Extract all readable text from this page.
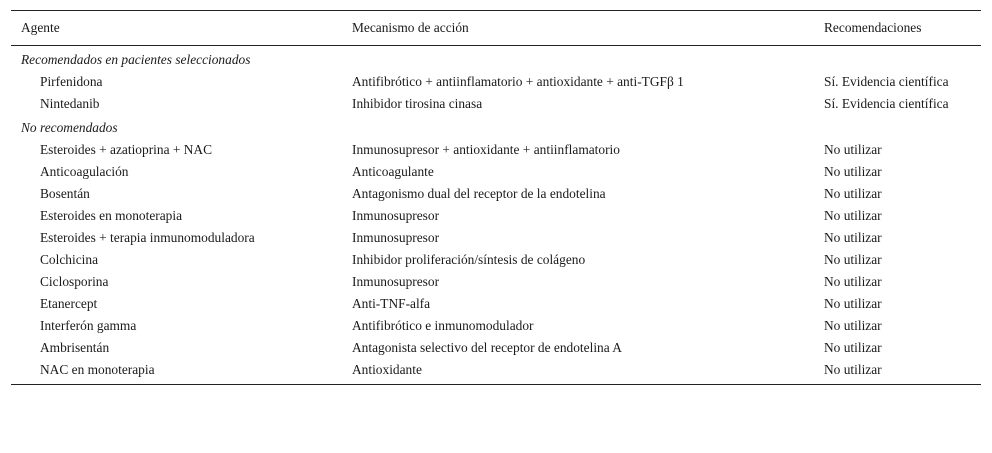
Agente	Mecanismo de acción	Recomendaciones
Recomendados en pacientes seleccionados		
Pirfenidona	Antifibrótico + antiinflamatorio + antioxidante + anti-TGFβ 1	Sí. Evidencia científica
Nintedanib	Inhibidor tirosina cinasa	Sí. Evidencia científica
No recomendados		
Esteroides + azatioprina + NAC	Inmunosupresor + antioxidante + antiinflamatorio	No utilizar
Anticoagulación	Anticoagulante	No utilizar
Bosentán	Antagonismo dual del receptor de la endotelina	No utilizar
Esteroides en monoterapia	Inmunosupresor	No utilizar
Esteroides + terapia inmunomoduladora	Inmunosupresor	No utilizar
Colchicina	Inhibidor proliferación/síntesis de colágeno	No utilizar
Ciclosporina	Inmunosupresor	No utilizar
Etanercept	Anti-TNF-alfa	No utilizar
Interferón gamma	Antifibrótico e inmunomodulador	No utilizar
Ambrisentán	Antagonista selectivo del receptor de endotelina A	No utilizar
NAC en monoterapia	Antioxidante	No utilizar
